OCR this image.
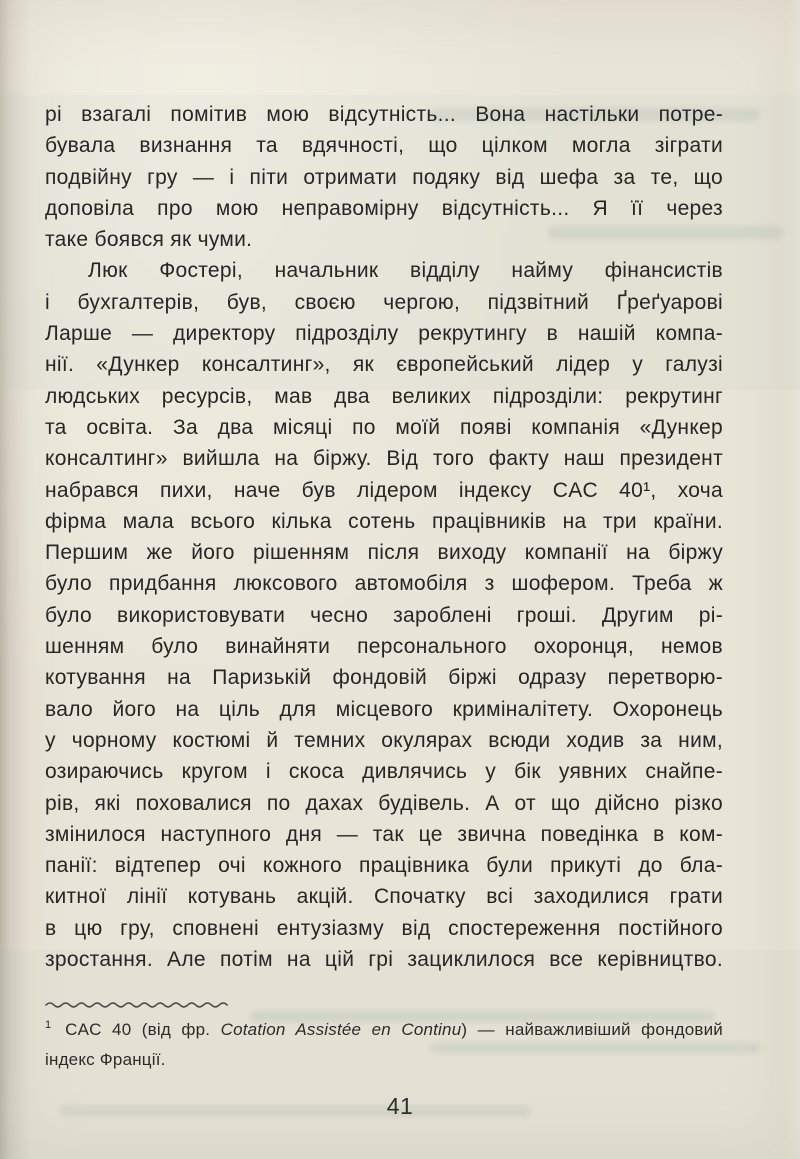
рі взагалі помітив мою відсутність... Вона настільки потре-
бувала визнання та вдячності, що цілком могла зіграти
подвійну гру — і піти отримати подяку від шефа за те, що
доповіла про мою неправомірну відсутність... Я її через
таке боявся як чуми.
Люк Фостері, начальник відділу найму фінансистів
і бухгалтерів, був, своєю чергою, підзвітний Ґреґуарові
Ларше — директору підрозділу рекрутингу в нашій компа-
нії. «Дункер консалтинг», як європейський лідер у галузі
людських ресурсів, мав два великих підрозділи: рекрутинг
та освіта. За два місяці по моїй появі компанія «Дункер
консалтинг» вийшла на біржу. Від того факту наш президент
набрався пихи, наче був лідером індексу CAC 40¹, хоча
фірма мала всього кілька сотень працівників на три країни.
Першим же його рішенням після виходу компанії на біржу
було придбання люксового автомобіля з шофером. Треба ж
було використовувати чесно зароблені гроші. Другим рі-
шенням було винайняти персонального охоронця, немов
котування на Паризькій фондовій біржі одразу перетворю-
вало його на ціль для місцевого криміналітету. Охоронець
у чорному костюмі й темних окулярах всюди ходив за ним,
озираючись кругом і скоса дивлячись у бік уявних снайпе-
рів, які поховалися по дахах будівель. А от що дійсно різко
змінилося наступного дня — так це звична поведінка в ком-
панії: відтепер очі кожного працівника були прикуті до бла-
китної лінії котувань акцій. Спочатку всі заходилися грати
в цю гру, сповнені ентузіазму від спостереження постійного
зростання. Але потім на цій грі зациклилося все керівництво.
$^1$ CAC 40 (від фр. Cotation Assistée en Continu) — найважливіший фондовий
індекс Франції.
41
